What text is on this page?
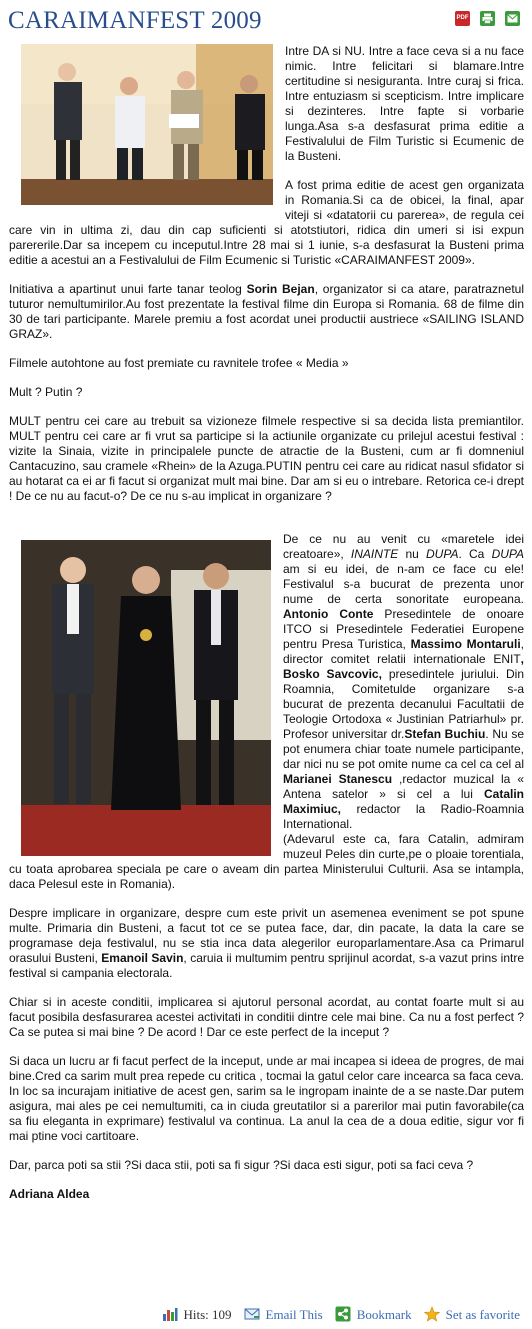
CARAIMANFEST 2009	PDF

Intre DA si NU. Intre a face ceva si a nu face nimic. Intre felicitari si blamare.Intre certitudine si nesiguranta. Intre curaj si frica. Intre entuziasm si scepticism. Intre implicare si dezinteres. Intre fapte si vorbarie lunga.Asa s-a desfasurat prima editie a Festivalului de Film Turistic si Ecumenic de la Busteni.

A fost prima editie de acest gen organizata in Romania.Si ca de obicei, la final, apar viteji si «datatorii cu parerea», de regula cei care vin in ultima zi, dau din cap suficienti si atotstiutori, ridica din umeri si isi expun parererile.Dar sa incepem cu inceputul.Intre 28 mai si 1 iunie, s-a desfasurat la Busteni prima editie a acestui an a Festivalului de Film Ecumenic si Turistic «CARAIMANFEST 2009».

Initiativa a apartinut unui farte tanar teolog Sorin Bejan, organizator si ca atare, paratraznetul tuturor nemultumirilor.Au fost prezentate la festival filme din Europa si Romania. 68 de filme din 30 de tari participante. Marele premiu a fost acordat unei productii austriece «SAILING ISLAND GRAZ».

Filmele autohtone au fost premiate cu ravnitele trofee « Media »

Mult ? Putin ?

MULT pentru cei care au trebuit sa vizioneze filmele respective si sa decida lista premiantilor. MULT pentru cei care ar fi vrut sa participe si la actiunile organizate cu prilejul acestui festival : vizite la Sinaia, vizite in principalele puncte de atractie de la Busteni, cum ar fi domneniul Cantacuzino, sau cramele «Rhein» de la Azuga.PUTIN pentru cei care au ridicat nasul sfidator si au hotarat ca ei ar fi facut si organizat mult mai bine. Dar am si eu o intrebare. Retorica ce-i drept ! De ce nu au facut-o? De ce nu s-au implicat in organizare ?

De ce nu au venit cu «maretele idei creatoare», INAINTE nu DUPA. Ca DUPA am si eu idei, de n-am ce face cu ele! Festivalul s-a bucurat de prezenta unor nume de certa sonoritate europeana. Antonio Conte Presedintele de onoare ITCO si Presedintele Federatiei Europene pentru Presa Turistica, Massimo Montaruli, director comitet relatii internationale ENIT, Bosko Savcovic, presedintele juriului. Din Roamnia, Comitetulde organizare s-a bucurat de prezenta decanului Facultatii de Teologie Ortodoxa « Justinian Patriarhul» pr. Profesor universitar dr.Stefan Buchiu. Nu se pot enumera chiar toate numele participante, dar nici nu se pot omite nume ca cel ca cel al Marianei Stanescu ,redactor muzical la « Antena satelor » si cel a lui Catalin Maximiuc, redactor la Radio-Roamnia International.
(Adevarul este ca, fara Catalin, admiram muzeul Peles din curte,pe o ploaie torentiala, cu toata aprobarea speciala pe care o aveam din partea Ministerului Culturii. Asa se intampla, daca Pelesul este in Romania).

Despre implicare in organizare, despre cum este privit un asemenea eveniment se pot spune multe. Primaria din Busteni, a facut tot ce se putea face, dar, din pacate, la data la care se programase deja festivalul, nu se stia inca data alegerilor europarlamentare.Asa ca Primarul orasului Busteni, Emanoil Savin, caruia ii multumim pentru sprijinul acordat, s-a vazut prins intre festival si campania electorala.

Chiar si in aceste conditii, implicarea si ajutorul personal acordat, au contat foarte mult si au facut posibila desfasurarea acestei activitati in conditii dintre cele mai bine. Ca nu a fost perfect ? Ca se putea si mai bine ? De acord ! Dar ce este perfect de la inceput ?

Si daca un lucru ar fi facut perfect de la inceput, unde ar mai incapea si ideea de progres, de mai bine.Cred ca sarim mult prea repede cu critica , tocmai la gatul celor care incearca sa faca ceva. In loc sa incurajam initiative de acest gen, sarim sa le ingropam inainte de a se naste.Dar putem asigura, mai ales pe cei nemultumiti, ca in ciuda greutatilor si a parerilor mai putin favorabile(ca sa fiu eleganta in exprimare) festivalul va continua. La anul la cea de a doua editie, sigur vor fi mai ptine voci cartitoare.

Dar, parca poti sa stii ?Si daca stii, poti sa fi sigur ?Si daca esti sigur, poti sa faci ceva ?

Adriana Aldea
Hits: 109	Email This	Bookmark	Set as favorite
